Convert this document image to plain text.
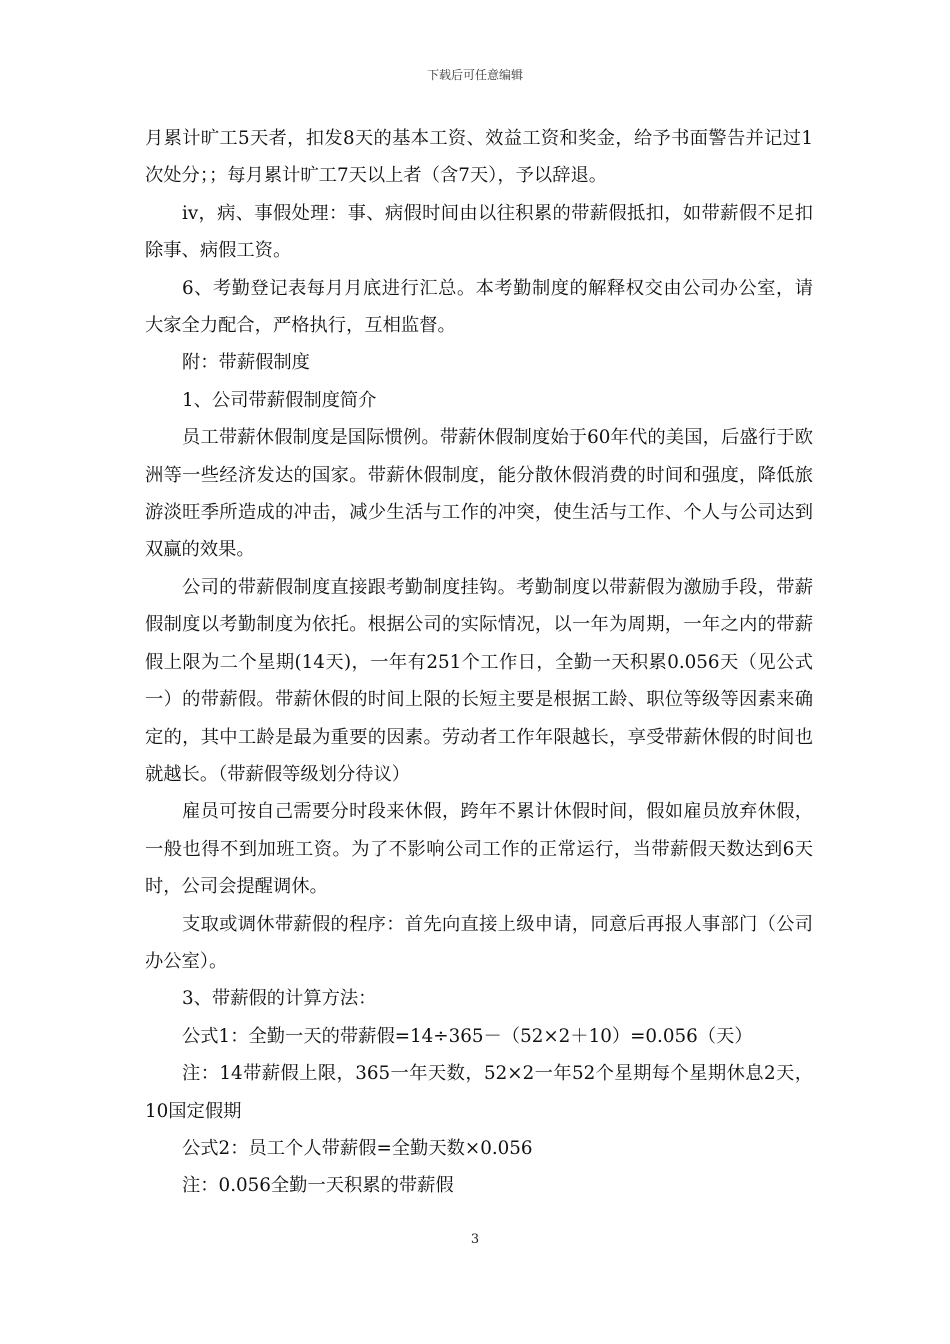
下载后可任意编辑

月累计旷工5天者，扣发8天的基本工资、效益工资和奖金，给予书面警告并记过1次处分；；每月累计旷工7天以上者（含7天），予以辞退。

ⅳ，病、事假处理：事、病假时间由以往积累的带薪假抵扣，如带薪假不足扣除事、病假工资。

6、考勤登记表每月月底进行汇总。本考勤制度的解释权交由公司办公室，请大家全力配合，严格执行，互相监督。

附：带薪假制度

1、公司带薪假制度简介

员工带薪休假制度是国际惯例。带薪休假制度始于60年代的美国，后盛行于欧洲等一些经济发达的国家。带薪休假制度，能分散休假消费的时间和强度，降低旅游淡旺季所造成的冲击，减少生活与工作的冲突，使生活与工作、个人与公司达到双赢的效果。

公司的带薪假制度直接跟考勤制度挂钩。考勤制度以带薪假为激励手段，带薪假制度以考勤制度为依托。根据公司的实际情况，以一年为周期，一年之内的带薪假上限为二个星期(14天)，一年有251个工作日，全勤一天积累0.056天（见公式一）的带薪假。带薪休假的时间上限的长短主要是根据工龄、职位等级等因素来确定的，其中工龄是最为重要的因素。劳动者工作年限越长，享受带薪休假的时间也就越长。（带薪假等级划分待议）

雇员可按自己需要分时段来休假，跨年不累计休假时间，假如雇员放弃休假，一般也得不到加班工资。为了不影响公司工作的正常运行，当带薪假天数达到6天时，公司会提醒调休。

支取或调休带薪假的程序：首先向直接上级申请，同意后再报人事部门（公司办公室）。

3、带薪假的计算方法：

公式1：全勤一天的带薪假=14÷365－（52×2＋10）=0.056（天）

注：14带薪假上限，365一年天数，52×2一年52个星期每个星期休息2天，10国定假期

公式2：员工个人带薪假=全勤天数×0.056

注：0.056全勤一天积累的带薪假

3
